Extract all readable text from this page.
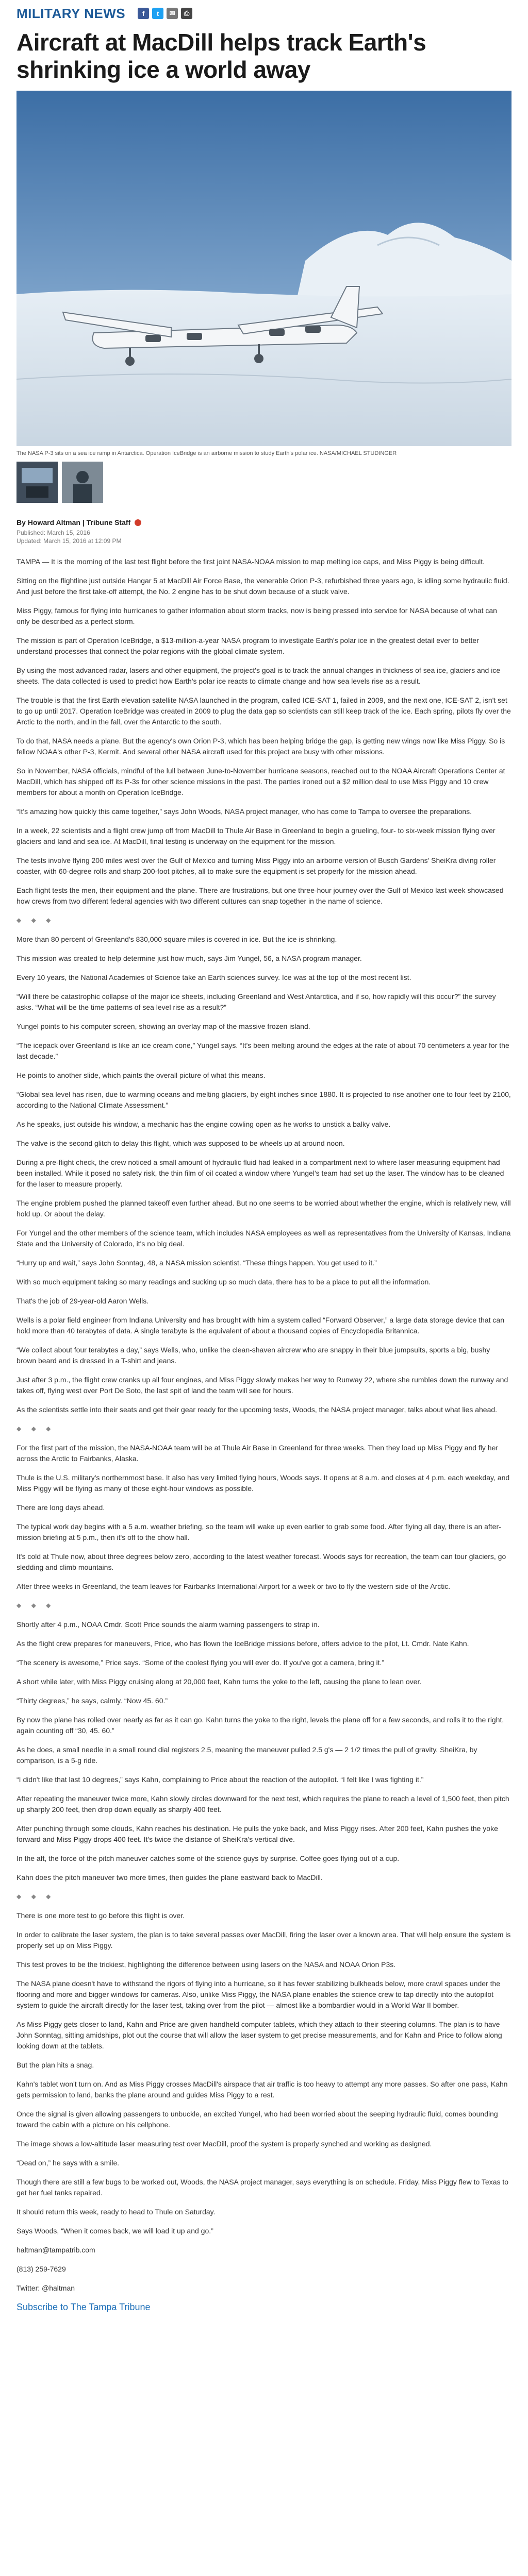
MILITARY NEWS	f	t	✉	⎙
Aircraft at MacDill helps track Earth's shrinking ice a world away
The NASA P-3 sits on a sea ice ramp in Antarctica. Operation IceBridge is an airborne mission to study Earth's polar ice. NASA/MICHAEL STUDINGER
By Howard Altman | Tribune Staff
Published: March 15, 2016
Updated: March 15, 2016 at 12:09 PM

TAMPA — It is the morning of the last test flight before the first joint NASA-NOAA mission to map melting ice caps, and Miss Piggy is being difficult.

Sitting on the flightline just outside Hangar 5 at MacDill Air Force Base, the venerable Orion P-3, refurbished three years ago, is idling some hydraulic fluid. And just before the first take-off attempt, the No. 2 engine has to be shut down because of a stuck valve.

Miss Piggy, famous for flying into hurricanes to gather information about storm tracks, now is being pressed into service for NASA because of what can only be described as a perfect storm.

The mission is part of Operation IceBridge, a $13-million-a-year NASA program to investigate Earth's polar ice in the greatest detail ever to better understand processes that connect the polar regions with the global climate system.

By using the most advanced radar, lasers and other equipment, the project's goal is to track the annual changes in thickness of sea ice, glaciers and ice sheets. The data collected is used to predict how Earth's polar ice reacts to climate change and how sea levels rise as a result.

The trouble is that the first Earth elevation satellite NASA launched in the program, called ICE-SAT 1, failed in 2009, and the next one, ICE-SAT 2, isn't set to go up until 2017. Operation IceBridge was created in 2009 to plug the data gap so scientists can still keep track of the ice. Each spring, pilots fly over the Arctic to the north, and in the fall, over the Antarctic to the south.

To do that, NASA needs a plane. But the agency's own Orion P-3, which has been helping bridge the gap, is getting new wings now like Miss Piggy. So is fellow NOAA's other P-3, Kermit. And several other NASA aircraft used for this project are busy with other missions.

So in November, NASA officials, mindful of the lull between June-to-November hurricane seasons, reached out to the NOAA Aircraft Operations Center at MacDill, which has shipped off its P-3s for other science missions in the past. The parties ironed out a $2 million deal to use Miss Piggy and 10 crew members for about a month on Operation IceBridge.

“It's amazing how quickly this came together,” says John Woods, NASA project manager, who has come to Tampa to oversee the preparations.

In a week, 22 scientists and a flight crew jump off from MacDill to Thule Air Base in Greenland to begin a grueling, four- to six-week mission flying over glaciers and land and sea ice. At MacDill, final testing is underway on the equipment for the mission.

The tests involve flying 200 miles west over the Gulf of Mexico and turning Miss Piggy into an airborne version of Busch Gardens' SheiKra diving roller coaster, with 60-degree rolls and sharp 200-foot pitches, all to make sure the equipment is set properly for the mission ahead.

Each flight tests the men, their equipment and the plane. There are frustrations, but one three-hour journey over the Gulf of Mexico last week showcased how crews from two different federal agencies with two different cultures can snap together in the name of science.

◆ ◆ ◆

More than 80 percent of Greenland's 830,000 square miles is covered in ice. But the ice is shrinking.

This mission was created to help determine just how much, says Jim Yungel, 56, a NASA program manager.

Every 10 years, the National Academies of Science take an Earth sciences survey. Ice was at the top of the most recent list.

“Will there be catastrophic collapse of the major ice sheets, including Greenland and West Antarctica, and if so, how rapidly will this occur?” the survey asks. “What will be the time patterns of sea level rise as a result?”

Yungel points to his computer screen, showing an overlay map of the massive frozen island.

“The icepack over Greenland is like an ice cream cone,” Yungel says. “It's been melting around the edges at the rate of about 70 centimeters a year for the last decade.”

He points to another slide, which paints the overall picture of what this means.

“Global sea level has risen, due to warming oceans and melting glaciers, by eight inches since 1880. It is projected to rise another one to four feet by 2100, according to the National Climate Assessment.”

As he speaks, just outside his window, a mechanic has the engine cowling open as he works to unstick a balky valve.

The valve is the second glitch to delay this flight, which was supposed to be wheels up at around noon.

During a pre-flight check, the crew noticed a small amount of hydraulic fluid had leaked in a compartment next to where laser measuring equipment had been installed. While it posed no safety risk, the thin film of oil coated a window where Yungel's team had set up the laser. The window has to be cleaned for the laser to measure properly.

The engine problem pushed the planned takeoff even further ahead. But no one seems to be worried about whether the engine, which is relatively new, will hold up. Or about the delay.

For Yungel and the other members of the science team, which includes NASA employees as well as representatives from the University of Kansas, Indiana State and the University of Colorado, it's no big deal.

“Hurry up and wait,” says John Sonntag, 48, a NASA mission scientist. “These things happen. You get used to it.”

With so much equipment taking so many readings and sucking up so much data, there has to be a place to put all the information.

That's the job of 29-year-old Aaron Wells.

Wells is a polar field engineer from Indiana University and has brought with him a system called “Forward Observer,” a large data storage device that can hold more than 40 terabytes of data. A single terabyte is the equivalent of about a thousand copies of Encyclopedia Britannica.

“We collect about four terabytes a day,” says Wells, who, unlike the clean-shaven aircrew who are snappy in their blue jumpsuits, sports a big, bushy brown beard and is dressed in a T-shirt and jeans.

Just after 3 p.m., the flight crew cranks up all four engines, and Miss Piggy slowly makes her way to Runway 22, where she rumbles down the runway and takes off, flying west over Port De Soto, the last spit of land the team will see for hours.

As the scientists settle into their seats and get their gear ready for the upcoming tests, Woods, the NASA project manager, talks about what lies ahead.

◆ ◆ ◆

For the first part of the mission, the NASA-NOAA team will be at Thule Air Base in Greenland for three weeks. Then they load up Miss Piggy and fly her across the Arctic to Fairbanks, Alaska.

Thule is the U.S. military's northernmost base. It also has very limited flying hours, Woods says. It opens at 8 a.m. and closes at 4 p.m. each weekday, and Miss Piggy will be flying as many of those eight-hour windows as possible.

There are long days ahead.

The typical work day begins with a 5 a.m. weather briefing, so the team will wake up even earlier to grab some food. After flying all day, there is an after-mission briefing at 5 p.m., then it's off to the chow hall.

It's cold at Thule now, about three degrees below zero, according to the latest weather forecast. Woods says for recreation, the team can tour glaciers, go sledding and climb mountains.

After three weeks in Greenland, the team leaves for Fairbanks International Airport for a week or two to fly the western side of the Arctic.

◆ ◆ ◆

Shortly after 4 p.m., NOAA Cmdr. Scott Price sounds the alarm warning passengers to strap in.

As the flight crew prepares for maneuvers, Price, who has flown the IceBridge missions before, offers advice to the pilot, Lt. Cmdr. Nate Kahn.

“The scenery is awesome,” Price says. “Some of the coolest flying you will ever do. If you've got a camera, bring it.”

A short while later, with Miss Piggy cruising along at 20,000 feet, Kahn turns the yoke to the left, causing the plane to lean over.

“Thirty degrees,” he says, calmly. “Now 45. 60.”

By now the plane has rolled over nearly as far as it can go. Kahn turns the yoke to the right, levels the plane off for a few seconds, and rolls it to the right, again counting off “30, 45. 60.”

As he does, a small needle in a small round dial registers 2.5, meaning the maneuver pulled 2.5 g's — 2 1/2 times the pull of gravity. SheiKra, by comparison, is a 5-g ride.

“I didn't like that last 10 degrees,” says Kahn, complaining to Price about the reaction of the autopilot. “I felt like I was fighting it.”

After repeating the maneuver twice more, Kahn slowly circles downward for the next test, which requires the plane to reach a level of 1,500 feet, then pitch up sharply 200 feet, then drop down equally as sharply 400 feet.

After punching through some clouds, Kahn reaches his destination. He pulls the yoke back, and Miss Piggy rises. After 200 feet, Kahn pushes the yoke forward and Miss Piggy drops 400 feet. It's twice the distance of SheiKra's vertical dive.

In the aft, the force of the pitch maneuver catches some of the science guys by surprise. Coffee goes flying out of a cup.

Kahn does the pitch maneuver two more times, then guides the plane eastward back to MacDill.

◆ ◆ ◆

There is one more test to go before this flight is over.

In order to calibrate the laser system, the plan is to take several passes over MacDill, firing the laser over a known area. That will help ensure the system is properly set up on Miss Piggy.

This test proves to be the trickiest, highlighting the difference between using lasers on the NASA and NOAA Orion P3s.

The NASA plane doesn't have to withstand the rigors of flying into a hurricane, so it has fewer stabilizing bulkheads below, more crawl spaces under the flooring and more and bigger windows for cameras. Also, unlike Miss Piggy, the NASA plane enables the science crew to tap directly into the autopilot system to guide the aircraft directly for the laser test, taking over from the pilot — almost like a bombardier would in a World War II bomber.

As Miss Piggy gets closer to land, Kahn and Price are given handheld computer tablets, which they attach to their steering columns. The plan is to have John Sonntag, sitting amidships, plot out the course that will allow the laser system to get precise measurements, and for Kahn and Price to follow along looking down at the tablets.

But the plan hits a snag.

Kahn's tablet won't turn on. And as Miss Piggy crosses MacDill's airspace that air traffic is too heavy to attempt any more passes. So after one pass, Kahn gets permission to land, banks the plane around and guides Miss Piggy to a rest.

Once the signal is given allowing passengers to unbuckle, an excited Yungel, who had been worried about the seeping hydraulic fluid, comes bounding toward the cabin with a picture on his cellphone.

The image shows a low-altitude laser measuring test over MacDill, proof the system is properly synched and working as designed.

“Dead on,” he says with a smile.

Though there are still a few bugs to be worked out, Woods, the NASA project manager, says everything is on schedule. Friday, Miss Piggy flew to Texas to get her fuel tanks repaired.

It should return this week, ready to head to Thule on Saturday.

Says Woods, “When it comes back, we will load it up and go.”

haltman@tampatrib.com

(813) 259-7629

Twitter: @haltman

Subscribe to The Tampa Tribune
